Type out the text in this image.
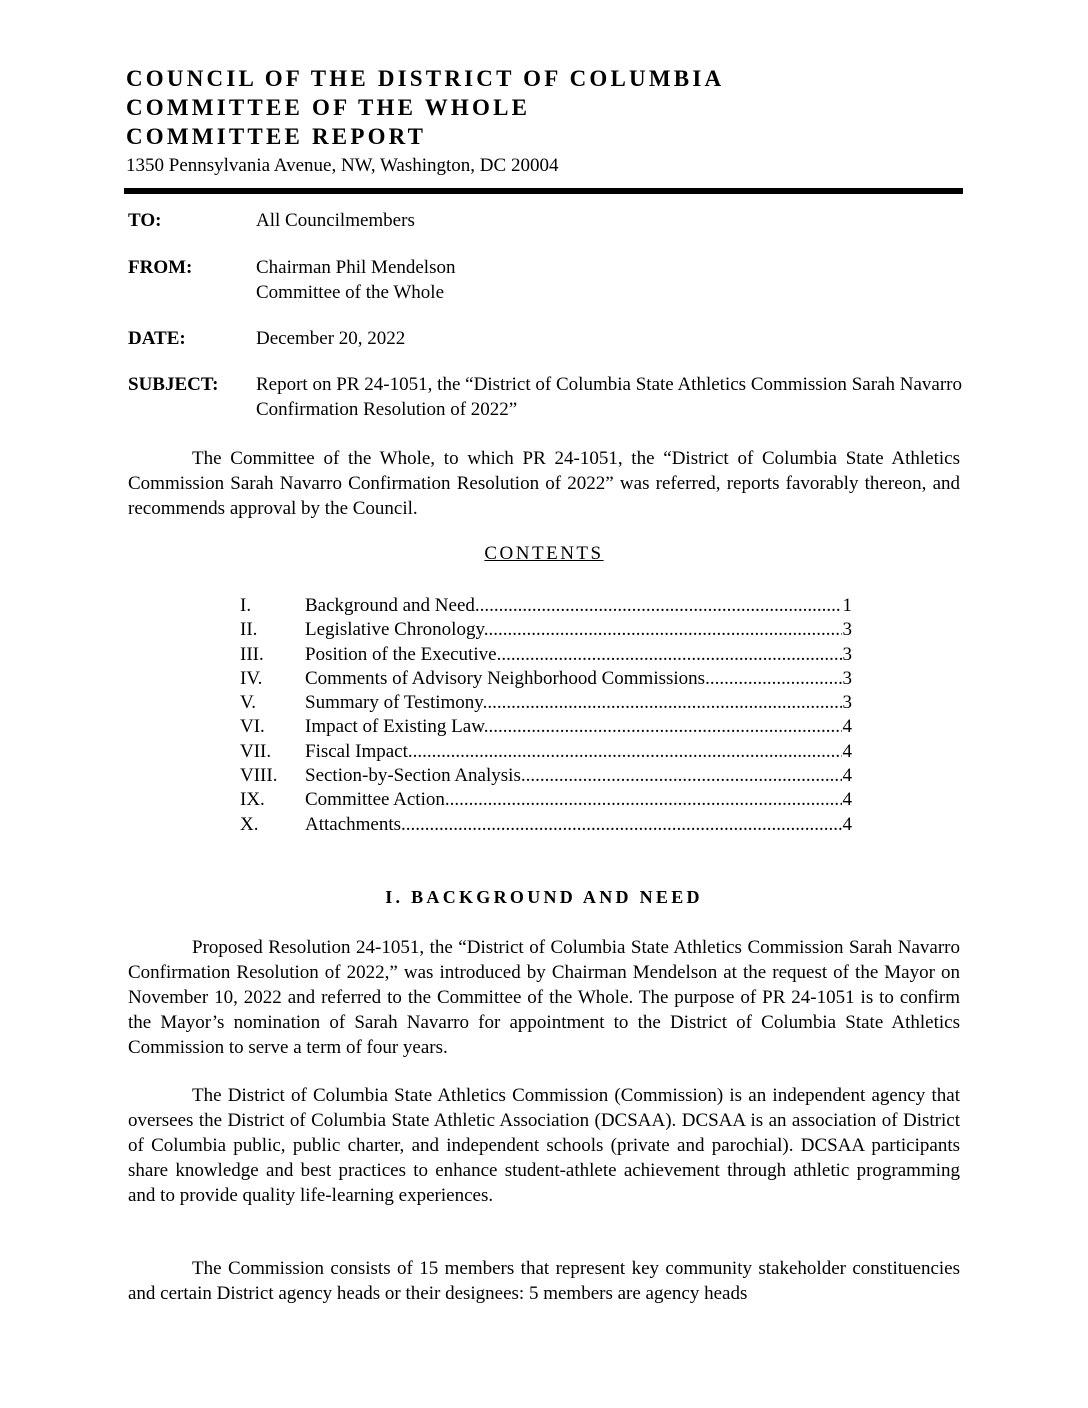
COUNCIL OF THE DISTRICT OF COLUMBIA
COMMITTEE OF THE WHOLE
COMMITTEE REPORT
1350 Pennsylvania Avenue, NW, Washington, DC 20004
TO:	All Councilmembers
FROM:	Chairman Phil Mendelson
Committee of the Whole
DATE:	December 20, 2022
SUBJECT: Report on PR 24-1051, the “District of Columbia State Athletics Commission Sarah Navarro Confirmation Resolution of 2022”
The Committee of the Whole, to which PR 24-1051, the “District of Columbia State Athletics Commission Sarah Navarro Confirmation Resolution of 2022” was referred, reports favorably thereon, and recommends approval by the Council.
CONTENTS
I.	Background and Need .....	1
II.	Legislative Chronology .....	3
III. Position of the Executive .....	3
IV. Comments of Advisory Neighborhood Commissions .....	3
V.	Summary of Testimony .....	3
VI. Impact of Existing Law .....	4
VII. Fiscal Impact .....	4
VIII. Section-by-Section Analysis .....	4
IX. Committee Action .....	4
X. Attachments .....	4
I. BACKGROUND AND NEED
Proposed Resolution 24-1051, the “District of Columbia State Athletics Commission Sarah Navarro Confirmation Resolution of 2022,” was introduced by Chairman Mendelson at the request of the Mayor on November 10, 2022 and referred to the Committee of the Whole. The purpose of PR 24-1051 is to confirm the Mayor’s nomination of Sarah Navarro for appointment to the District of Columbia State Athletics Commission to serve a term of four years.
The District of Columbia State Athletics Commission (Commission) is an independent agency that oversees the District of Columbia State Athletic Association (DCSAA). DCSAA is an association of District of Columbia public, public charter, and independent schools (private and parochial). DCSAA participants share knowledge and best practices to enhance student-athlete achievement through athletic programming and to provide quality life-learning experiences.
The Commission consists of 15 members that represent key community stakeholder constituencies and certain District agency heads or their designees: 5 members are agency heads
